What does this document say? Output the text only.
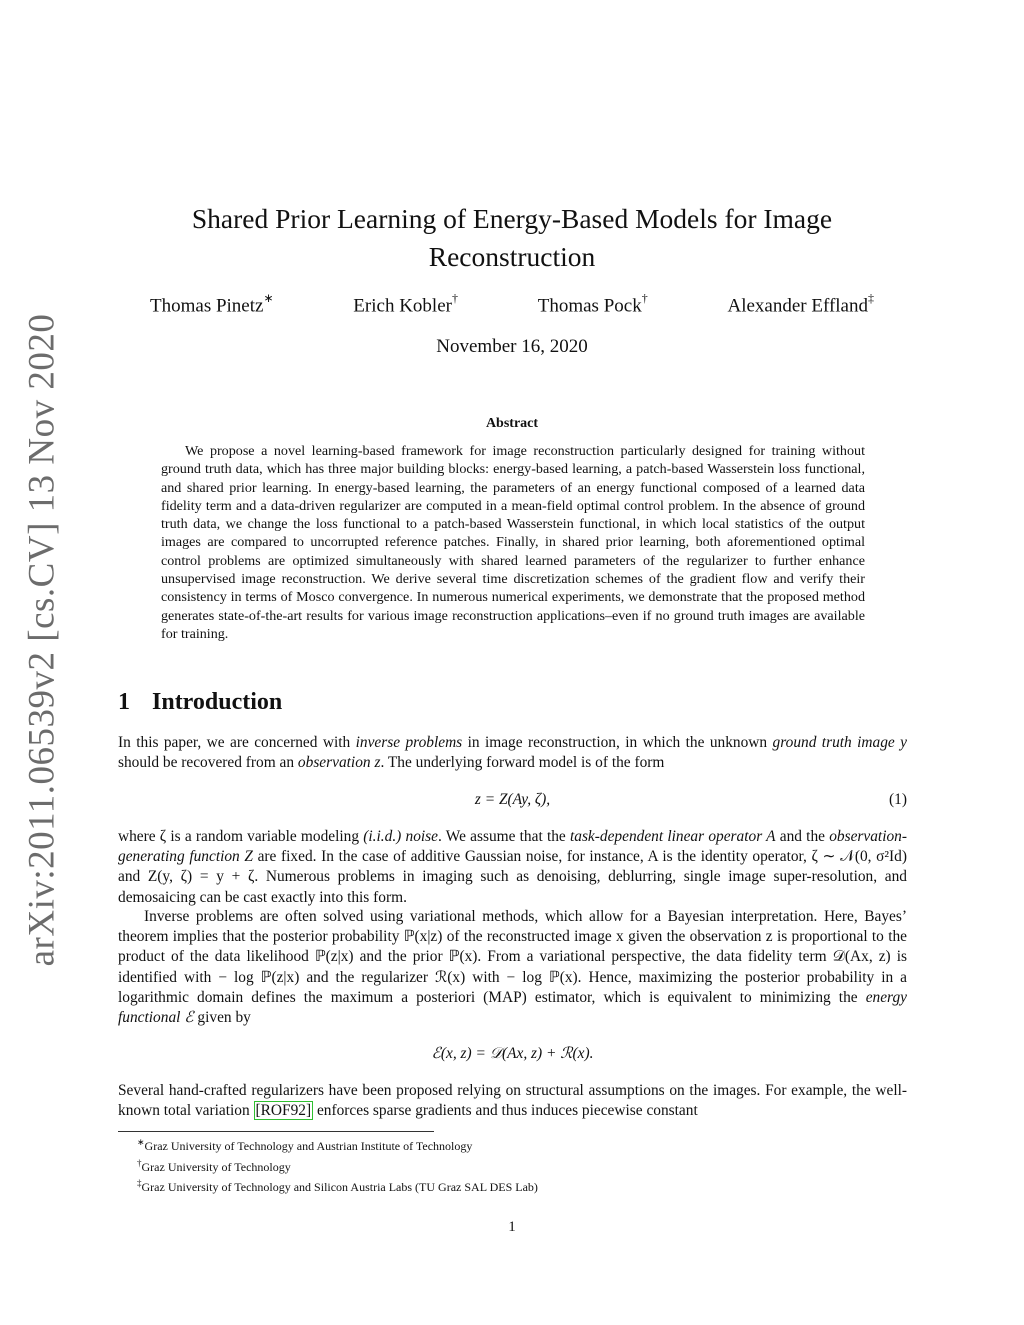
arXiv:2011.06539v2 [cs.CV] 13 Nov 2020
Shared Prior Learning of Energy-Based Models for Image Reconstruction
Thomas Pinetz∗	Erich Kobler†	Thomas Pock†	Alexander Effland‡
November 16, 2020
Abstract

We propose a novel learning-based framework for image reconstruction particularly designed for training without ground truth data, which has three major building blocks: energy-based learning, a patch-based Wasserstein loss functional, and shared prior learning. In energy-based learning, the parameters of an energy functional composed of a learned data fidelity term and a data-driven regularizer are computed in a mean-field optimal control problem. In the absence of ground truth data, we change the loss functional to a patch-based Wasserstein functional, in which local statistics of the output images are compared to uncorrupted reference patches. Finally, in shared prior learning, both aforementioned optimal control problems are optimized simultaneously with shared learned parameters of the regularizer to further enhance unsupervised image reconstruction. We derive several time discretization schemes of the gradient flow and verify their consistency in terms of Mosco convergence. In numerous numerical experiments, we demonstrate that the proposed method generates state-of-the-art results for various image reconstruction applications–even if no ground truth images are available for training.

1 Introduction

In this paper, we are concerned with inverse problems in image reconstruction, in which the unknown ground truth image y should be recovered from an observation z. The underlying forward model is of the form

z = Z(Ay, ζ),	(1)

where ζ is a random variable modeling (i.i.d.) noise. We assume that the task-dependent linear operator A and the observation-generating function Z are fixed. In the case of additive Gaussian noise, for instance, A is the identity operator, ζ ∼ 𝒩(0, σ²Id) and Z(y, ζ) = y + ζ. Numerous problems in imaging such as denoising, deblurring, single image super-resolution, and demosaicing can be cast exactly into this form.

Inverse problems are often solved using variational methods, which allow for a Bayesian interpretation. Here, Bayes’ theorem implies that the posterior probability ℙ(x|z) of the reconstructed image x given the observation z is proportional to the product of the data likelihood ℙ(z|x) and the prior ℙ(x). From a variational perspective, the data fidelity term 𝒟(Ax, z) is identified with − log ℙ(z|x) and the regularizer ℛ(x) with − log ℙ(x). Hence, maximizing the posterior probability in a logarithmic domain defines the maximum a posteriori (MAP) estimator, which is equivalent to minimizing the energy functional ℰ given by

ℰ(x, z) = 𝒟(Ax, z) + ℛ(x).

Several hand-crafted regularizers have been proposed relying on structural assumptions on the images. For example, the well-known total variation [ROF92] enforces sparse gradients and thus induces piecewise constant

∗Graz University of Technology and Austrian Institute of Technology

†Graz University of Technology

‡Graz University of Technology and Silicon Austria Labs (TU Graz SAL DES Lab)

1
